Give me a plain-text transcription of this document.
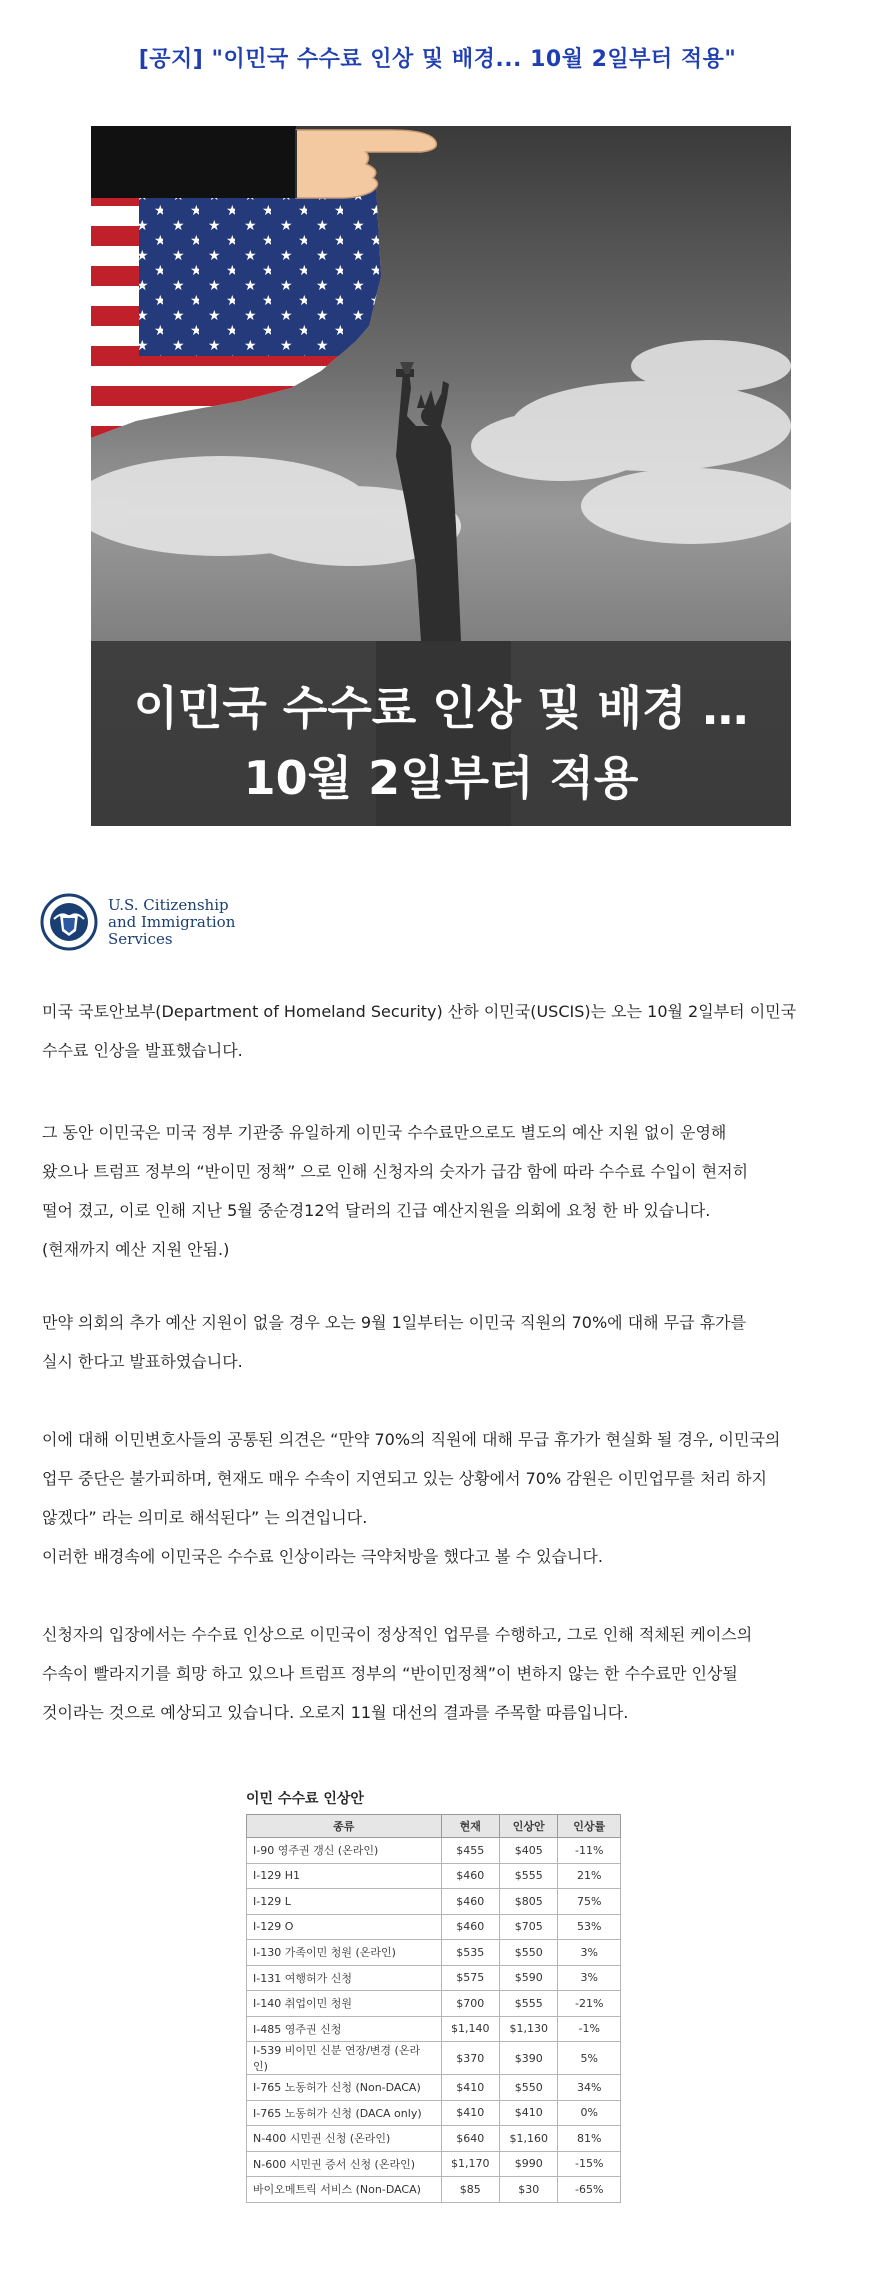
[공지] "이민국 수수료 인상 및 배경... 10월 2일부터 적용"
이민국 수수료 인상 및 배경 …
10월 2일부터 적용
U.S. Citizenship
and Immigration
Services
미국 국토안보부(Department of Homeland Security) 산하 이민국(USCIS)는 오는 10월 2일부터 이민국
수수료 인상을 발표했습니다.
그 동안 이민국은 미국 정부 기관중 유일하게 이민국 수수료만으로도 별도의 예산 지원 없이 운영해
왔으나 트럼프 정부의 “반이민 정책” 으로 인해 신청자의 숫자가 급감 함에 따라 수수료 수입이 현저히
떨어 졌고, 이로 인해 지난 5월 중순경12억 달러의 긴급 예산지원을 의회에 요청 한 바 있습니다.
(현재까지 예산 지원 안됨.)
만약 의회의 추가 예산 지원이 없을 경우 오는 9월 1일부터는 이민국 직원의 70%에 대해 무급 휴가를
실시 한다고 발표하였습니다.
이에 대해 이민변호사들의 공통된 의견은 “만약 70%의 직원에 대해 무급 휴가가 현실화 될 경우, 이민국의
업무 중단은 불가피하며, 현재도 매우 수속이 지연되고 있는 상황에서 70% 감원은 이민업무를 처리 하지
않겠다” 라는 의미로 해석된다” 는 의견입니다.
이러한 배경속에 이민국은 수수료 인상이라는 극약처방을 했다고 볼 수 있습니다.
신청자의 입장에서는 수수료 인상으로 이민국이 정상적인 업무를 수행하고, 그로 인해 적체된 케이스의
수속이 빨라지기를 희망 하고 있으나 트럼프 정부의 “반이민정책”이 변하지 않는 한 수수료만 인상될
것이라는 것으로 예상되고 있습니다. 오로지 11월 대선의 결과를 주목할 따름입니다.
이민 수수료 인상안
종류	현재	인상안	인상률
I-90 영주권 갱신 (온라인)	$455	$405	-11%
I-129 H1	$460	$555	21%
I-129 L	$460	$805	75%
I-129 O	$460	$705	53%
I-130 가족이민 청원 (온라인)	$535	$550	3%
I-131 여행허가 신청	$575	$590	3%
I-140 취업이민 청원	$700	$555	-21%
I-485 영주권 신청	$1,140	$1,130	-1%
I-539 비이민 신분 연장/변경 (온라인)	$370	$390	5%
I-765 노동허가 신청 (Non-DACA)	$410	$550	34%
I-765 노동허가 신청 (DACA only)	$410	$410	0%
N-400 시민권 신청 (온라인)	$640	$1,160	81%
N-600 시민권 증서 신청 (온라인)	$1,170	$990	-15%
바이오메트릭 서비스 (Non-DACA)	$85	$30	-65%
